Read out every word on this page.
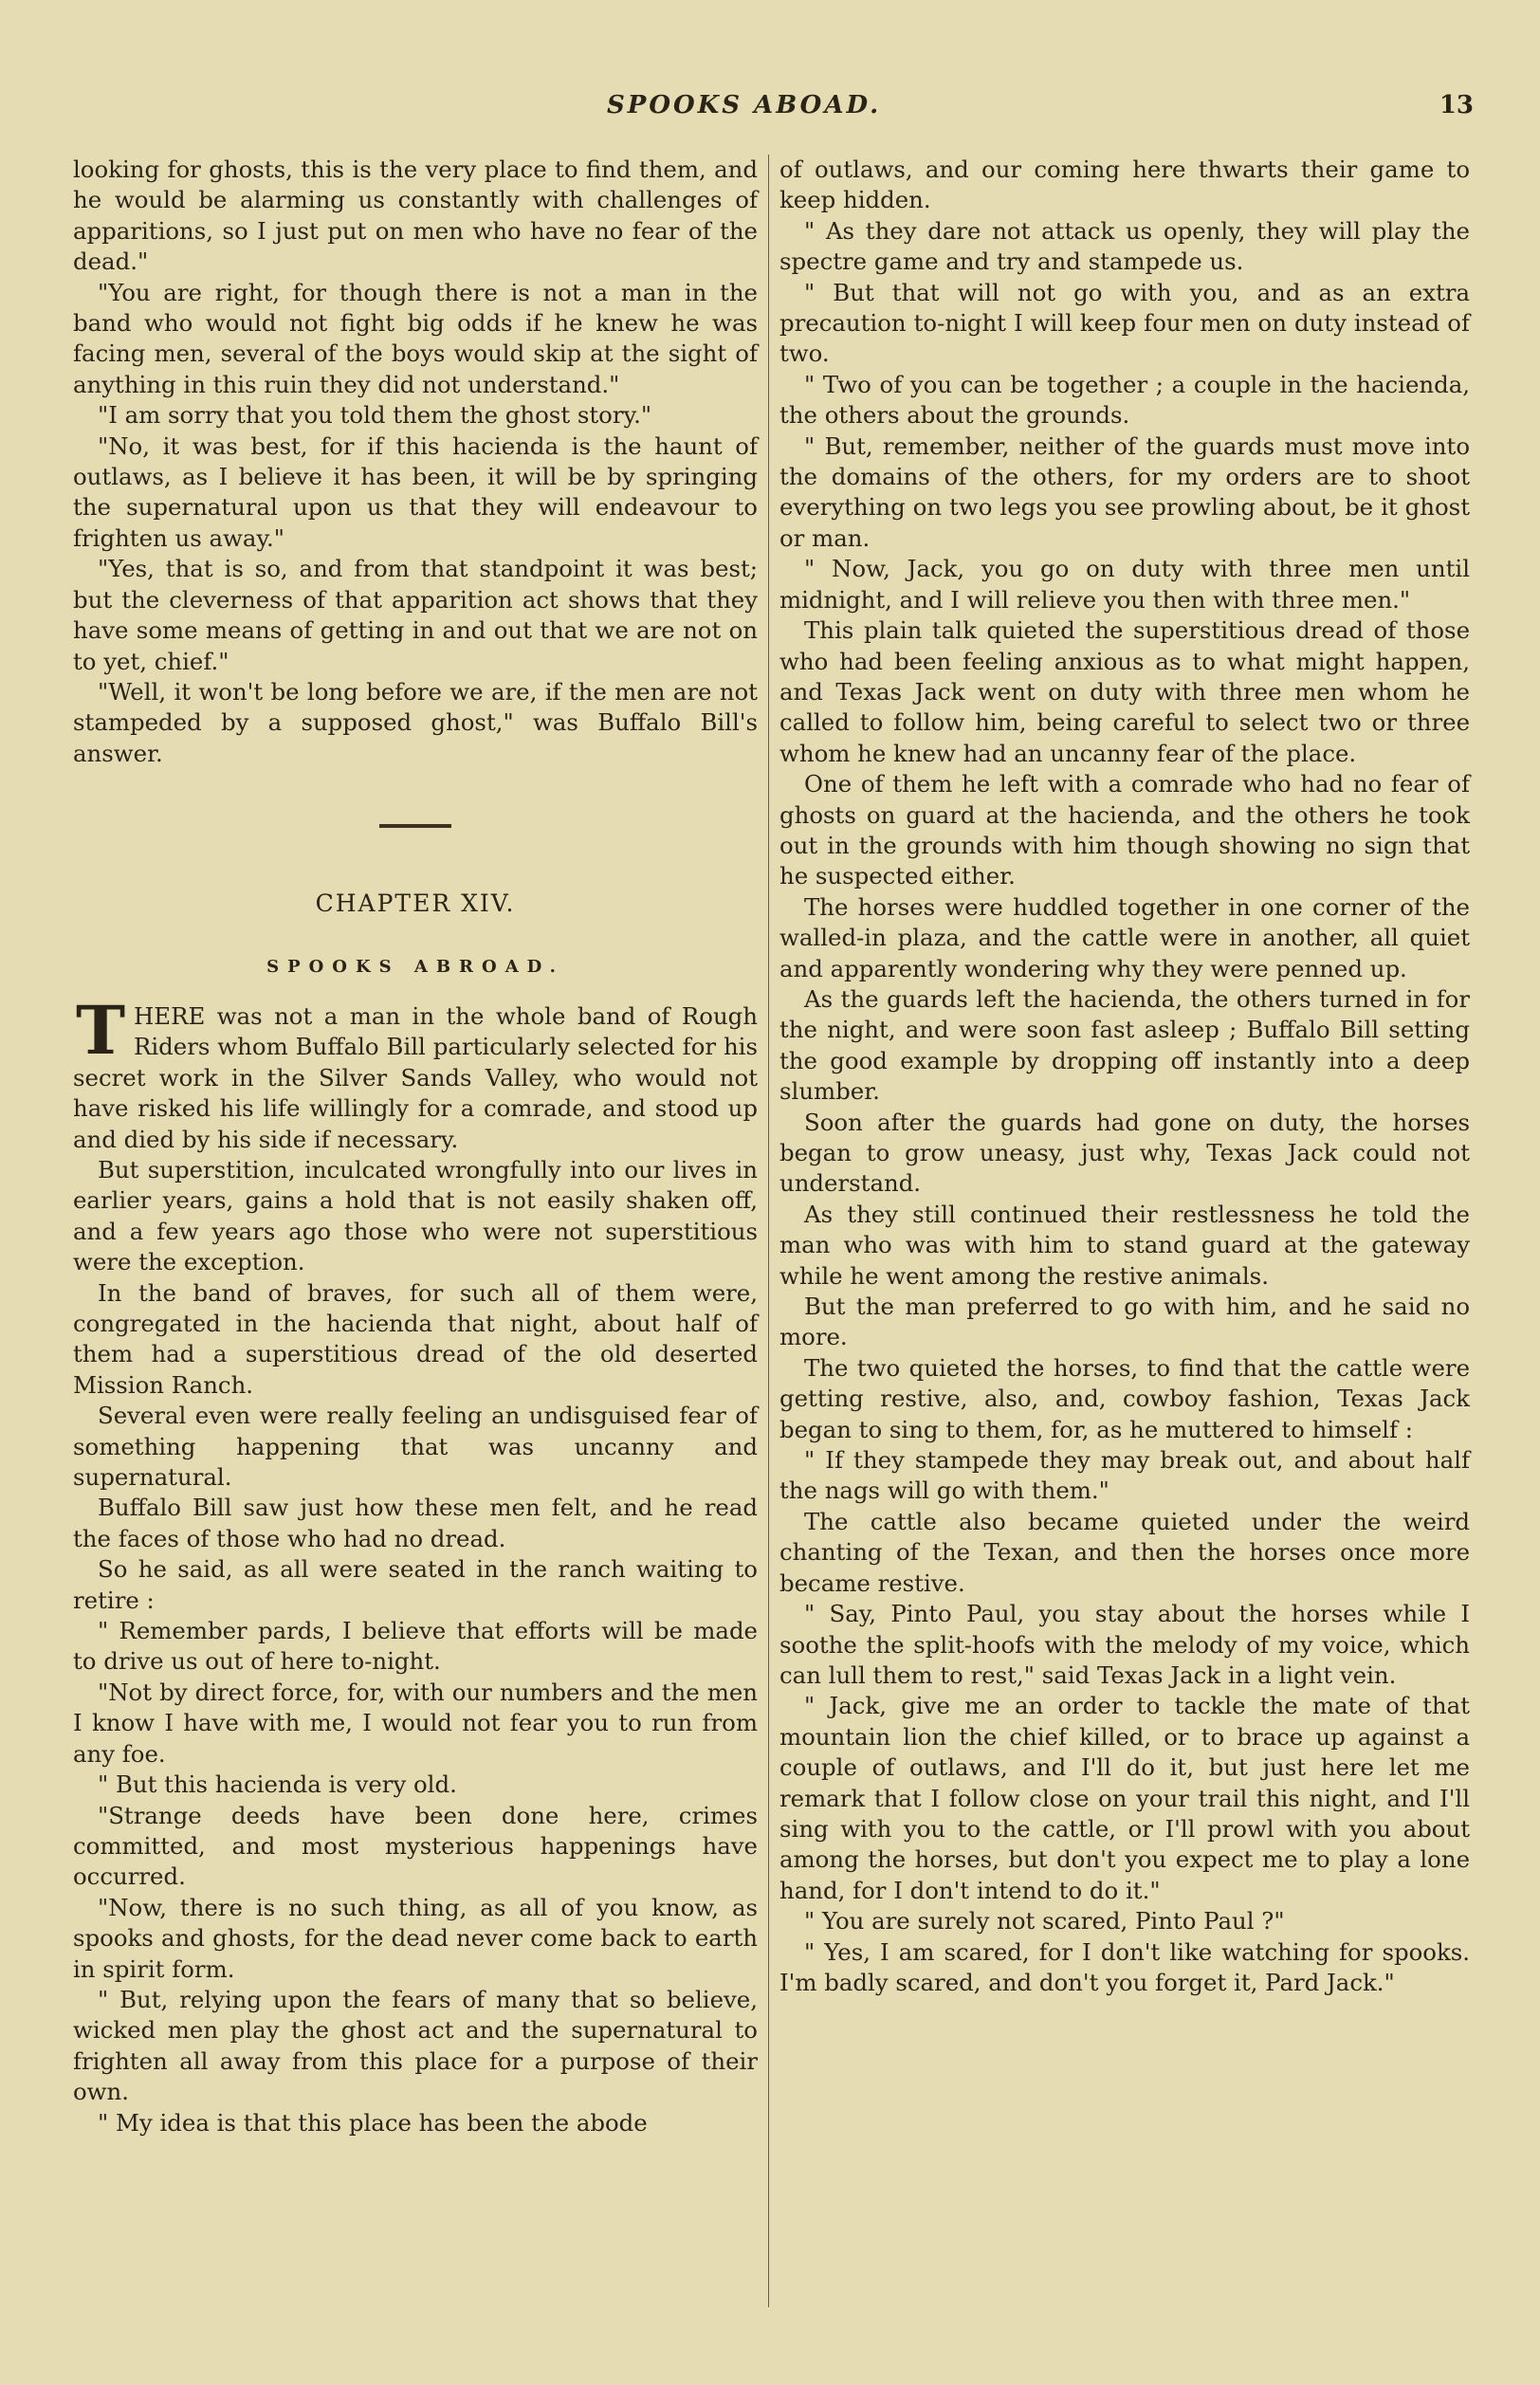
SPOOKS ABOAD.	13

looking for ghosts, this is the very place to find them, and he would be alarming us constantly with challenges of apparitions, so I just put on men who have no fear of the dead."

"You are right, for though there is not a man in the band who would not fight big odds if he knew he was facing men, several of the boys would skip at the sight of anything in this ruin they did not understand."

"I am sorry that you told them the ghost story."

"No, it was best, for if this hacienda is the haunt of outlaws, as I believe it has been, it will be by springing the supernatural upon us that they will endeavour to frighten us away."

"Yes, that is so, and from that standpoint it was best; but the cleverness of that apparition act shows that they have some means of getting in and out that we are not on to yet, chief."

"Well, it won't be long before we are, if the men are not stampeded by a supposed ghost," was Buffalo Bill's answer.

CHAPTER XIV.
SPOOKS ABROAD.

THERE was not a man in the whole band of Rough Riders whom Buffalo Bill particularly selected for his secret work in the Silver Sands Valley, who would not have risked his life willingly for a comrade, and stood up and died by his side if necessary.

But superstition, inculcated wrongfully into our lives in earlier years, gains a hold that is not easily shaken off, and a few years ago those who were not superstitious were the exception.

In the band of braves, for such all of them were, congregated in the hacienda that night, about half of them had a superstitious dread of the old deserted Mission Ranch.

Several even were really feeling an undisguised fear of something happening that was uncanny and supernatural.

Buffalo Bill saw just how these men felt, and he read the faces of those who had no dread.

So he said, as all were seated in the ranch waiting to retire :

" Remember pards, I believe that efforts will be made to drive us out of here to-night.

"Not by direct force, for, with our numbers and the men I know I have with me, I would not fear you to run from any foe.

" But this hacienda is very old.

"Strange deeds have been done here, crimes committed, and most mysterious happenings have occurred.

"Now, there is no such thing, as all of you know, as spooks and ghosts, for the dead never come back to earth in spirit form.

" But, relying upon the fears of many that so believe, wicked men play the ghost act and the supernatural to frighten all away from this place for a purpose of their own.

" My idea is that this place has been the abode

of outlaws, and our coming here thwarts their game to keep hidden.

" As they dare not attack us openly, they will play the spectre game and try and stampede us.

" But that will not go with you, and as an extra precaution to-night I will keep four men on duty instead of two.

" Two of you can be together ; a couple in the hacienda, the others about the grounds.

" But, remember, neither of the guards must move into the domains of the others, for my orders are to shoot everything on two legs you see prowling about, be it ghost or man.

" Now, Jack, you go on duty with three men until midnight, and I will relieve you then with three men."

This plain talk quieted the superstitious dread of those who had been feeling anxious as to what might happen, and Texas Jack went on duty with three men whom he called to follow him, being careful to select two or three whom he knew had an uncanny fear of the place.

One of them he left with a comrade who had no fear of ghosts on guard at the hacienda, and the others he took out in the grounds with him though showing no sign that he suspected either.

The horses were huddled together in one corner of the walled-in plaza, and the cattle were in another, all quiet and apparently wondering why they were penned up.

As the guards left the hacienda, the others turned in for the night, and were soon fast asleep ; Buffalo Bill setting the good example by dropping off instantly into a deep slumber.

Soon after the guards had gone on duty, the horses began to grow uneasy, just why, Texas Jack could not understand.

As they still continued their restlessness he told the man who was with him to stand guard at the gateway while he went among the restive animals.

But the man preferred to go with him, and he said no more.

The two quieted the horses, to find that the cattle were getting restive, also, and, cowboy fashion, Texas Jack began to sing to them, for, as he muttered to himself :

" If they stampede they may break out, and about half the nags will go with them."

The cattle also became quieted under the weird chanting of the Texan, and then the horses once more became restive.

" Say, Pinto Paul, you stay about the horses while I soothe the split-hoofs with the melody of my voice, which can lull them to rest," said Texas Jack in a light vein.

" Jack, give me an order to tackle the mate of that mountain lion the chief killed, or to brace up against a couple of outlaws, and I'll do it, but just here let me remark that I follow close on your trail this night, and I'll sing with you to the cattle, or I'll prowl with you about among the horses, but don't you expect me to play a lone hand, for I don't intend to do it."

" You are surely not scared, Pinto Paul ?"

" Yes, I am scared, for I don't like watching for spooks. I'm badly scared, and don't you forget it, Pard Jack."
